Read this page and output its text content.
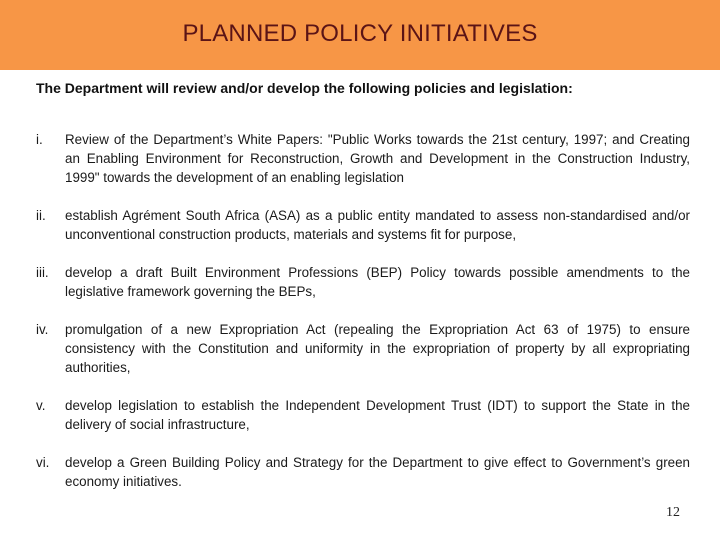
PLANNED POLICY INITIATIVES
The Department will review and/or develop the following policies and legislation:
i.	Review of the Department’s White Papers: "Public Works towards the 21st century, 1997; and Creating an Enabling Environment for Reconstruction, Growth and Development in the Construction Industry, 1999" towards the development of an enabling legislation
ii.	establish Agrément South Africa (ASA) as a public entity mandated to assess non-standardised and/or unconventional construction products, materials and systems fit for purpose,
iii.	develop a draft Built Environment Professions (BEP) Policy towards possible amendments to the legislative framework governing the BEPs,
iv.	promulgation of a new Expropriation Act (repealing the Expropriation Act 63 of 1975) to ensure consistency with the Constitution and uniformity in the expropriation of property by all expropriating authorities,
v.	develop legislation to establish the Independent Development Trust (IDT) to support the State in the delivery of social infrastructure,
vi.	develop a Green Building Policy and Strategy for the Department to give effect to Government’s green economy initiatives.
12
